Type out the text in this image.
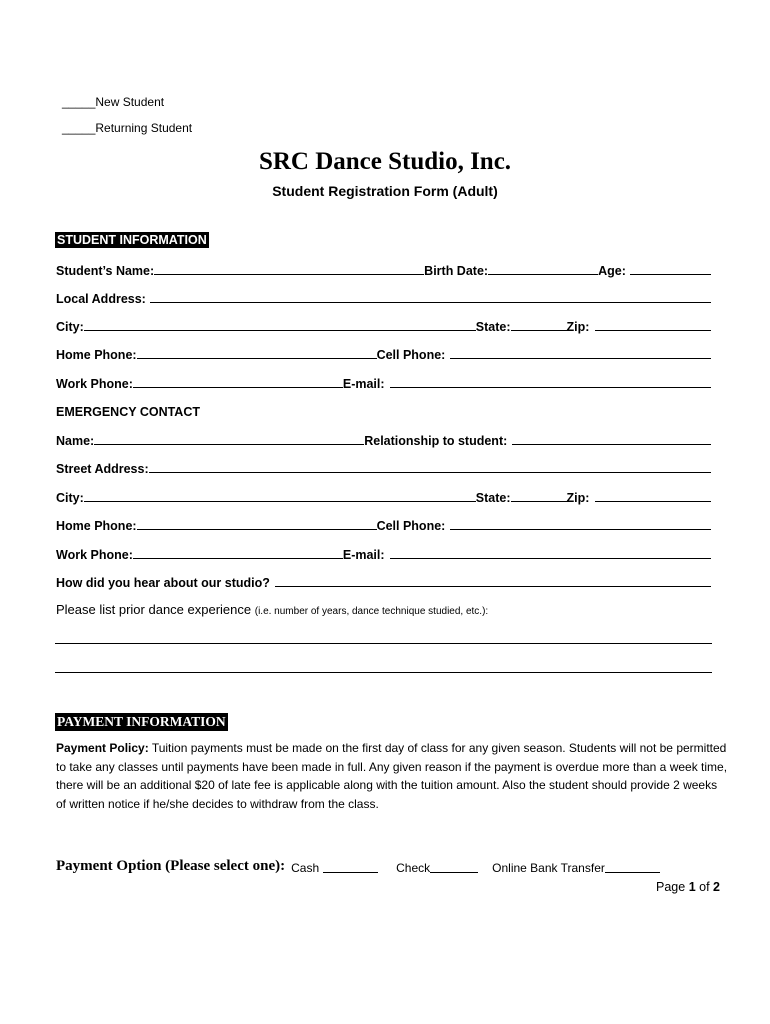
_____New Student
_____Returning Student
SRC Dance Studio, Inc.
Student Registration Form (Adult)
STUDENT INFORMATION
Student’s Name:	Birth Date:	Age:
Local Address:
City:	State:	Zip:
Home Phone:	Cell Phone:
Work Phone:	E-mail:
EMERGENCY CONTACT
Name:	Relationship to student:
Street Address:
City:	State:	Zip:
Home Phone:	Cell Phone:
Work Phone:	E-mail:
How did you hear about our studio?
Please list prior dance experience (i.e. number of years, dance technique studied, etc.):
PAYMENT INFORMATION
Payment Policy: Tuition payments must be made on the first day of class for any given season. Students will not be permitted to take any classes until payments have been made in full. Any given reason if the payment is overdue more than a week time, there will be an additional $20 of late fee is applicable along with the tuition amount. Also the student should provide 2 weeks of written notice if he/she decides to withdraw from the class.
Payment Option (Please select one): Cash	Check	Online Bank Transfer
Page 1 of 2
